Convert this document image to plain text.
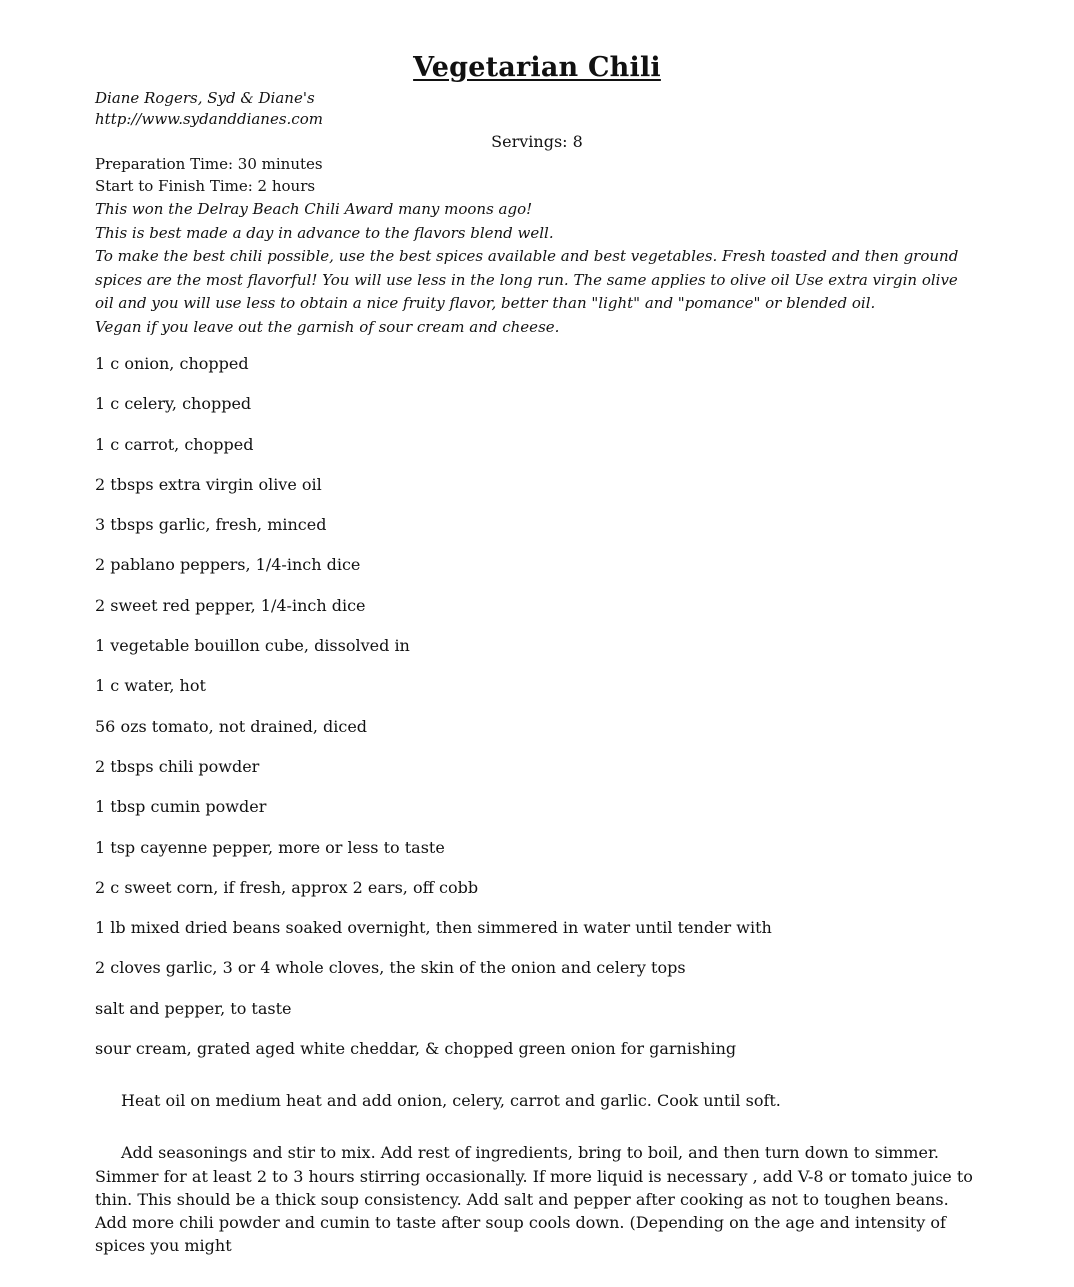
Vegetarian Chili
Diane Rogers, Syd & Diane's
http://www.sydanddianes.com
Servings: 8
Preparation Time: 30 minutes
Start to Finish Time: 2 hours
This won the Delray Beach Chili Award many moons ago!
This is best made a day in advance to the flavors blend well.
To make the best chili possible, use the best spices available and best vegetables. Fresh toasted and then ground spices are the most flavorful! You will use less in the long run. The same applies to olive oil Use extra virgin olive oil and you will use less to obtain a nice fruity flavor, better than "light" and "pomance" or blended oil.
Vegan if you leave out the garnish of sour cream and cheese.
1 c onion, chopped
1 c celery, chopped
1 c carrot, chopped
2 tbsps extra virgin olive oil
3 tbsps garlic, fresh, minced
2 pablano peppers, 1/4-inch dice
2 sweet red pepper, 1/4-inch dice
1 vegetable bouillon cube, dissolved in
1 c water, hot
56 ozs tomato, not drained, diced
2 tbsps chili powder
1 tbsp cumin powder
1 tsp cayenne pepper, more or less to taste
2 c sweet corn, if fresh, approx 2 ears, off cobb
1 lb mixed dried beans soaked overnight, then simmered in water until tender with
2 cloves garlic, 3 or 4 whole cloves, the skin of the onion and celery tops
salt and pepper, to taste
sour cream, grated aged white cheddar, & chopped green onion for garnishing

Heat oil on medium heat and add onion, celery, carrot and garlic. Cook until soft.

Add seasonings and stir to mix. Add rest of ingredients, bring to boil, and then turn down to simmer. Simmer for at least 2 to 3 hours stirring occasionally. If more liquid is necessary , add V-8 or tomato juice to thin. This should be a thick soup consistency. Add salt and pepper after cooking as not to toughen beans. Add more chili powder and cumin to taste after soup cools down. (Depending on the age and intensity of spices you might
